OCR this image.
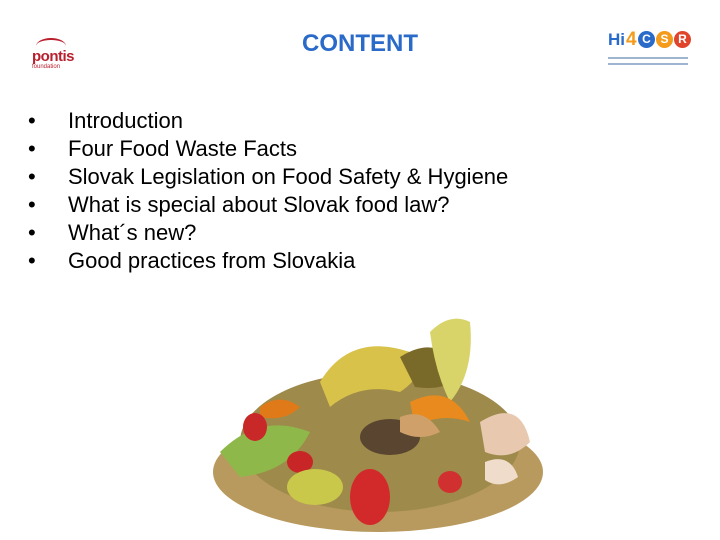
pontis
foundation
CONTENT	Hi 4 C S R
• Introduction
• Four Food Waste Facts
• Slovak Legislation on Food Safety & Hygiene
• What is special about Slovak food law?
• What´s new?
• Good practices from Slovakia
